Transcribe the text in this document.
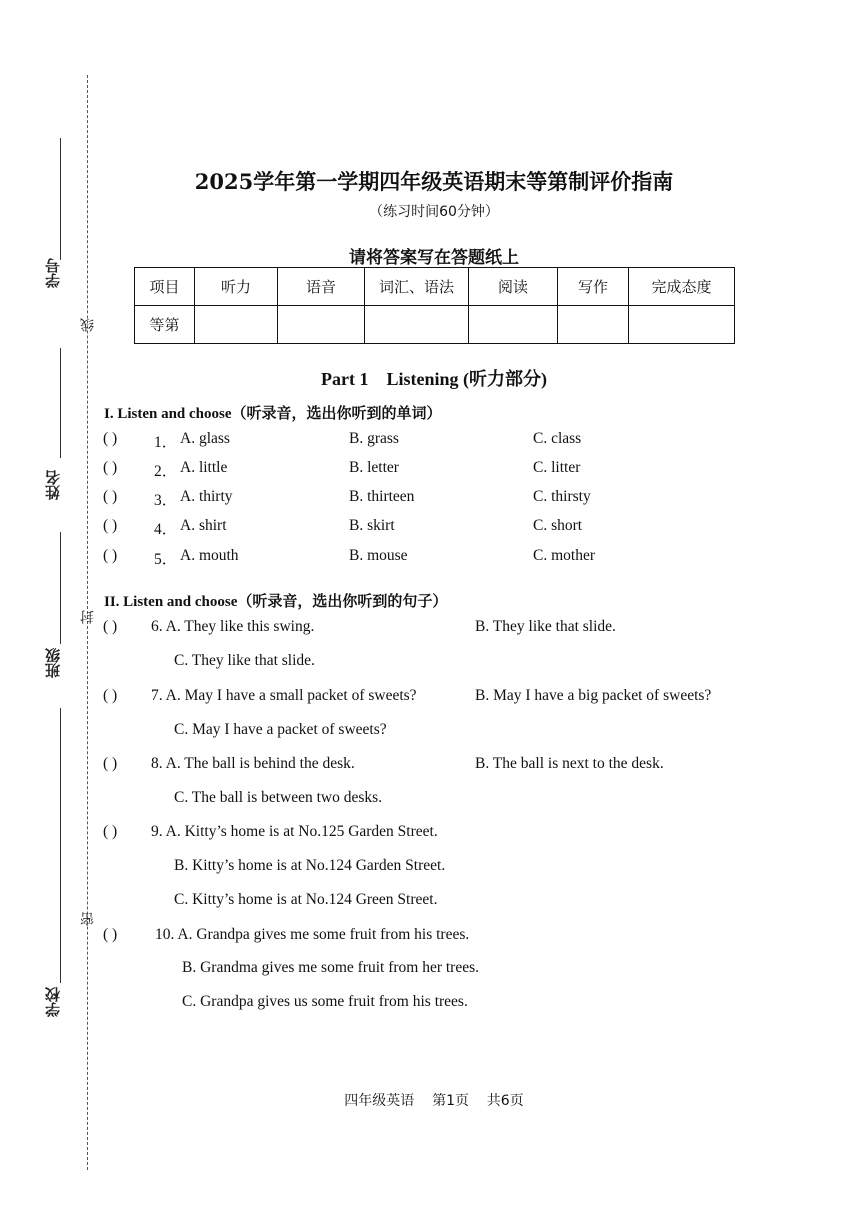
学号
姓名
班级
学校
线
封
密
2025学年第一学期四年级英语期末等第制评价指南
（练习时间60分钟）
请将答案写在答题纸上
项目	听力	语音	词汇、语法	阅读	写作	完成态度
等第						
Part 1    Listening (听力部分)
I. Listen and choose（听录音，选出你听到的单词）
( ) 1． A. glass	B. grass	C. class
( ) 2． A. little	B. letter	C. litter
( ) 3． A. thirty	B. thirteen	C. thirsty
( ) 4． A. shirt	B. skirt	C. short
( ) 5． A. mouth	B. mouse	C. mother
II. Listen and choose（听录音，选出你听到的句子）
( ) 6. A. They like this swing.	B. They like that slide.
C. They like that slide.
( ) 7. A. May I have a small packet of sweets?	B. May I have a big packet of sweets?
C. May I have a packet of sweets?
( ) 8. A. The ball is behind the desk.	B. The ball is next to the desk.
C. The ball is between two desks.
( ) 9. A. Kitty’s home is at No.125 Garden Street.
B. Kitty’s home is at No.124 Garden Street.
C. Kitty’s home is at No.124 Green Street.
( ) 10. A. Grandpa gives me some fruit from his trees.
B. Grandma gives me some fruit from her trees.
C. Grandpa gives us some fruit from his trees.
四年级英语    第1页    共6页
